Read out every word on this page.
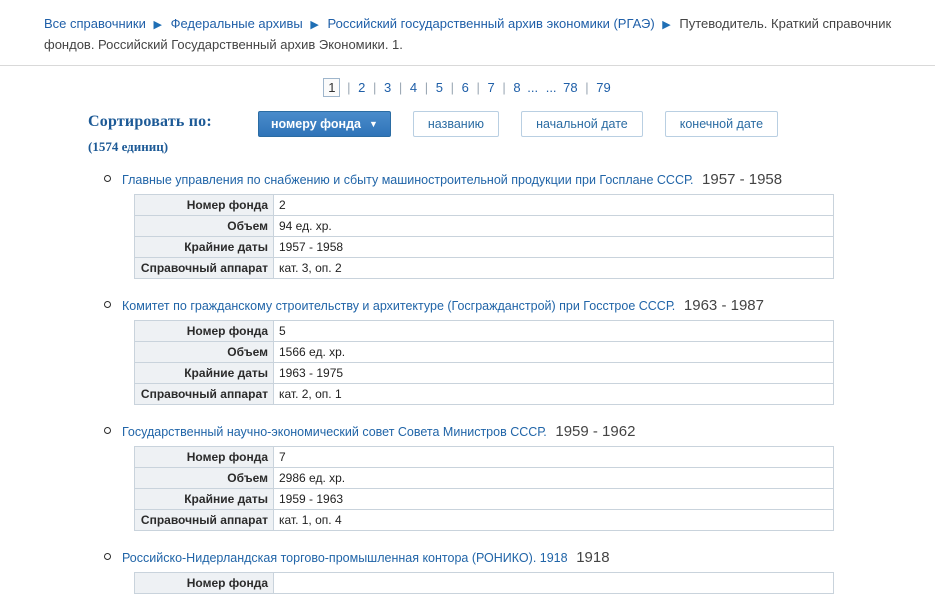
Все справочники ▶ Федеральные архивы ▶ Российский государственный архив экономики (РГАЭ) ▶ Путеводитель. Краткий справочник фондов. Российский Государственный архив Экономики. 1.
1 | 2 | 3 | 4 | 5 | 6 | 7 | 8 ... ... 78 | 79
Сортировать по:
(1574 единиц)
номеру фонда ▼	названию	начальной дате	конечной дате
Главные управления по снабжению и сбыту машиностроительной продукции при Госплане СССР. 1957 - 1958
Номер фонда	2
Объем	94 ед. хр.
Крайние даты	1957 - 1958
Справочный аппарат	кат. 3, оп. 2
Комитет по гражданскому строительству и архитектуре (Госгражданстрой) при Госстрое СССР. 1963 - 1987
Номер фонда	5
Объем	1566 ед. хр.
Крайние даты	1963 - 1975
Справочный аппарат	кат. 2, оп. 1
Государственный научно-экономический совет Совета Министров СССР. 1959 - 1962
Номер фонда	7
Объем	2986 ед. хр.
Крайние даты	1959 - 1963
Справочный аппарат	кат. 1, оп. 4
Российско-Нидерландская торгово-промышленная контора (РОНИКО). 1918 1918
Номер фонда	
